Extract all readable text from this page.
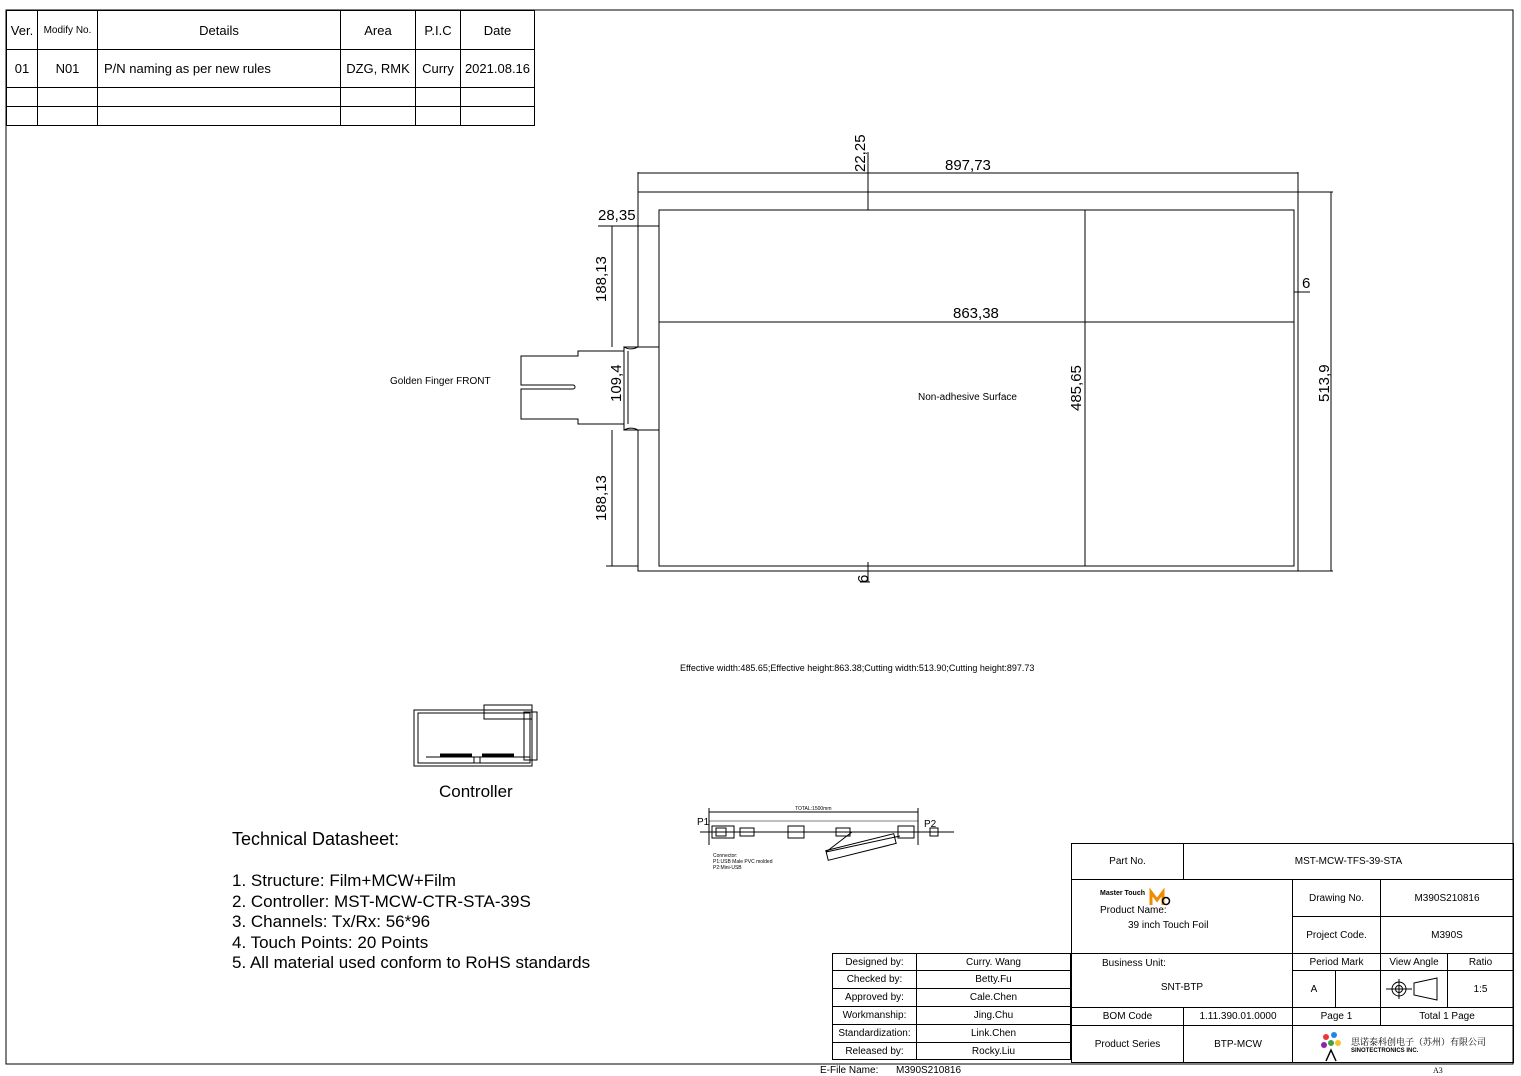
Ver.	Modify No.	Details	Area	P.I.C	Date
01	N01	P/N naming as per new rules	DZG, RMK	Curry	2021.08.16

897,73
22,25
28,35
188,13
188,13
109,4
863,38
485,65	513,9
6
6
Golden Finger FRONT
Non-adhesive Surface
Effective width:485.65;Effective height:863.38;Cutting width:513.90;Cutting height:897.73
Controller
TOTAL:1500mm
P1	P2
Connector:
P1:USB Male PVC molded
P2:Mini-USB
Technical Datasheet:
1. Structure: Film+MCW+Film
2. Controller: MST-MCW-CTR-STA-39S
3. Channels: Tx/Rx: 56*96
4. Touch Points: 20 Points
5. All material used conform to RoHS standards	Designed by:	Curry. Wang
Checked by:	Betty.Fu
Approved by:	Cale.Chen
Workmanship:	Jing.Chu
Standardization:	Link.Chen
Released by:	Rocky.Liu
Part No.	MST-MCW-TFS-39-STA				

Master Touch
Product Name:
39 inch Touch Foil		Drawing No.		M390S210816	
		Project Code.		M390S	

Business Unit:
SNT-BTP		Period Mark		View Angle	Ratio
		A			1:5
BOM Code	1.11.390.01.0000	Page 1		Total 1 Page	
Product Series	BTP-MCW	思诺泰科创电子（苏州）有限公司
SINOTECTRONICS INC.			
E-File Name: M390S210816	A3
